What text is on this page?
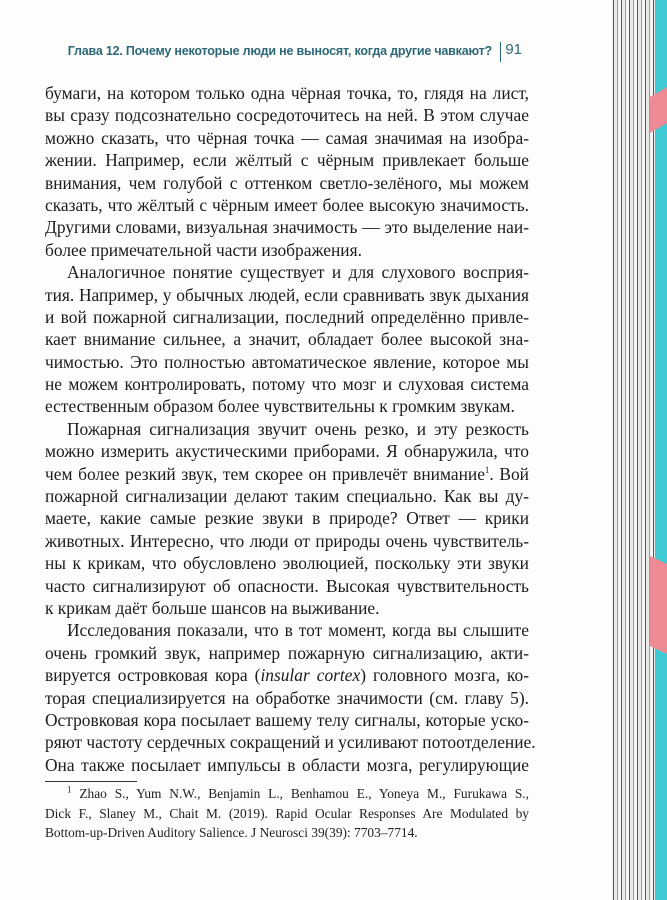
Глава 12. Почему некоторые люди не выносят, когда другие чавкают? 91
бумаги, на котором только одна чёрная точка, то, глядя на лист,
вы сразу подсознательно сосредоточитесь на ней. В этом случае
можно сказать, что чёрная точка — самая значимая на изобра-
жении. Например, если жёлтый с чёрным привлекает больше
внимания, чем голубой с оттенком светло-зелёного, мы можем
сказать, что жёлтый с чёрным имеет более высокую значимость.
Другими словами, визуальная значимость — это выделение наи-
более примечательной части изображения.
Аналогичное понятие существует и для слухового восприя-
тия. Например, у обычных людей, если сравнивать звук дыхания
и вой пожарной сигнализации, последний определённо привле-
кает внимание сильнее, а значит, обладает более высокой зна-
чимостью. Это полностью автоматическое явление, которое мы
не можем контролировать, потому что мозг и слуховая система
естественным образом более чувствительны к громким звукам.
Пожарная сигнализация звучит очень резко, и эту резкость
можно измерить акустическими приборами. Я обнаружила, что
чем более резкий звук, тем скорее он привлечёт внимание$^1$. Вой
пожарной сигнализации делают таким специально. Как вы ду-
маете, какие самые резкие звуки в природе? Ответ — крики
животных. Интересно, что люди от природы очень чувствитель-
ны к крикам, что обусловлено эволюцией, поскольку эти звуки
часто сигнализируют об опасности. Высокая чувствительность
к крикам даёт больше шансов на выживание.
Исследования показали, что в тот момент, когда вы слышите
очень громкий звук, например пожарную сигнализацию, акти-
вируется островковая кора (insular cortex) головного мозга, ко-
торая специализируется на обработке значимости (см. главу 5).
Островковая кора посылает вашему телу сигналы, которые уско-
ряют частоту сердечных сокращений и усиливают потоотделение.
Она также посылает импульсы в области мозга, регулирующие
$^1$ Zhao S., Yum N.W., Benjamin L., Benhamou E., Yoneya M., Furukawa S.,
Dick F., Slaney M., Chait M. (2019). Rapid Ocular Responses Are Modulated by
Bottom-up-Driven Auditory Salience. J Neurosci 39(39): 7703–7714.
